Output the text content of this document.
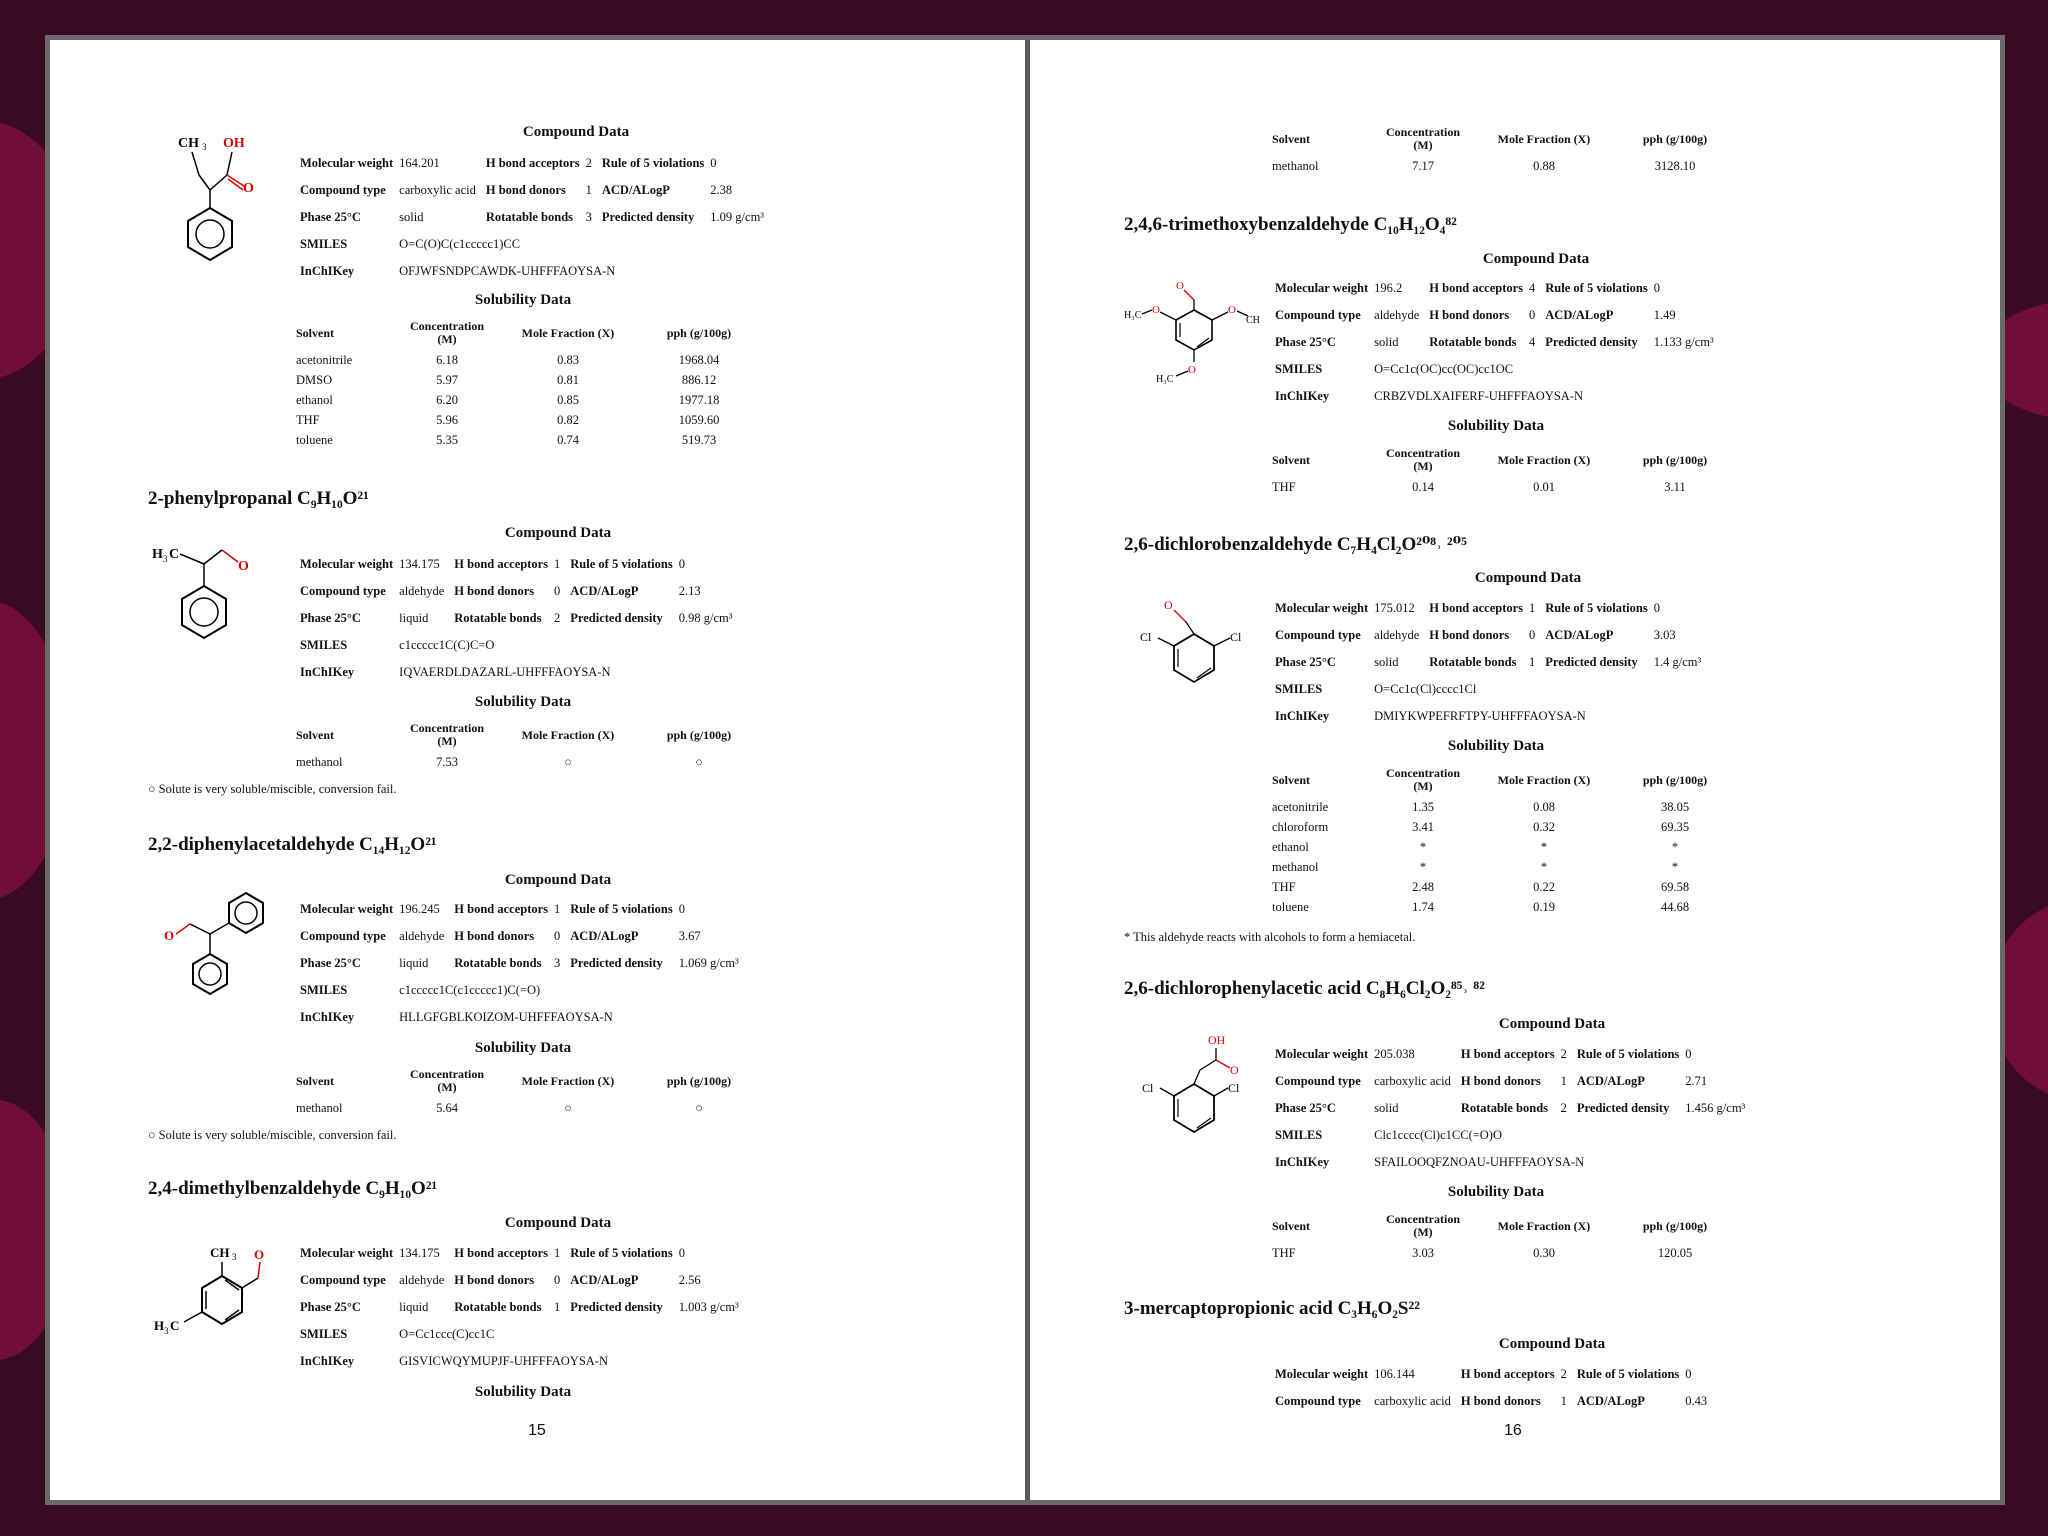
CH 3 OH
O
Compound Data
Molecular weight	164.201	H bond acceptors	2	Rule of 5 violations	0
Compound type	carboxylic acid	H bond donors	1	ACD/ALogP	2.38
Phase 25°C	solid	Rotatable bonds	3	Predicted density	1.09 g/cm³
SMILES	O=C(O)C(c1ccccc1)CC				
InChIKey	OFJWFSNDPCAWDK-UHFFFAOYSA-N				
Solubility Data
Solvent	Concentration (M)	Mole Fraction (X)	pph (g/100g)
acetonitrile	6.18	0.83	1968.04
DMSO	5.97	0.81	886.12
ethanol	6.20	0.85	1977.18
THF	5.96	0.82	1059.60
toluene	5.35	0.74	519.73
2-phenylpropanal C₉H₁₀O²¹
H 3 C
O
Compound Data
Molecular weight	134.175	H bond acceptors	1	Rule of 5 violations	0
Compound type	aldehyde	H bond donors	0	ACD/ALogP	2.13
Phase 25°C	liquid	Rotatable bonds	2	Predicted density	0.98 g/cm³
SMILES	c1ccccc1C(C)C=O				
InChIKey	IQVAERDLDAZARL-UHFFFAOYSA-N				
Solubility Data
Solvent	Concentration (M)	Mole Fraction (X)	pph (g/100g)
methanol	7.53	○	○
○ Solute is very soluble/miscible, conversion fail.
2,2-diphenylacetaldehyde C₁₄H₁₂O²¹
O
Compound Data
Molecular weight	196.245	H bond acceptors	1	Rule of 5 violations	0
Compound type	aldehyde	H bond donors	0	ACD/ALogP	3.67
Phase 25°C	liquid	Rotatable bonds	3	Predicted density	1.069 g/cm³
SMILES	c1ccccc1C(c1ccccc1)C(=O)				
InChIKey	HLLGFGBLKOIZOM-UHFFFAOYSA-N				
Solubility Data
Solvent	Concentration (M)	Mole Fraction (X)	pph (g/100g)
methanol	5.64	○	○
○ Solute is very soluble/miscible, conversion fail.
2,4-dimethylbenzaldehyde C₉H₁₀O²¹
CH 3 O
H 3 C
Compound Data
Molecular weight	134.175	H bond acceptors	1	Rule of 5 violations	0
Compound type	aldehyde	H bond donors	0	ACD/ALogP	2.56
Phase 25°C	liquid	Rotatable bonds	1	Predicted density	1.003 g/cm³
SMILES	O=Cc1ccc(C)cc1C				
InChIKey	GISVICWQYMUPJF-UHFFFAOYSA-N				
Solubility Data
15
Solvent	Concentration (M)	Mole Fraction (X)	pph (g/100g)
methanol	7.17	0.88	3128.10
2,4,6-trimethoxybenzaldehyde C₁₀H₁₂O₄⁸²
O
O
CH
O
H₃C
O
H₃C
Compound Data
Molecular weight	196.2	H bond acceptors	4	Rule of 5 violations	0
Compound type	aldehyde	H bond donors	0	ACD/ALogP	1.49
Phase 25°C	solid	Rotatable bonds	4	Predicted density	1.133 g/cm³
SMILES	O=Cc1c(OC)cc(OC)cc1OC				
InChIKey	CRBZVDLXAIFERF-UHFFFAOYSA-N				
Solubility Data
Solvent	Concentration (M)	Mole Fraction (X)	pph (g/100g)
THF	0.14	0.01	3.11
2,6-dichlorobenzaldehyde C₇H₄Cl₂O²⁰⁸˒ ²⁰⁵
O
Cl
Cl
Compound Data
Molecular weight	175.012	H bond acceptors	1	Rule of 5 violations	0
Compound type	aldehyde	H bond donors	0	ACD/ALogP	3.03
Phase 25°C	solid	Rotatable bonds	1	Predicted density	1.4 g/cm³
SMILES	O=Cc1c(Cl)cccc1Cl				
InChIKey	DMIYKWPEFRFTPY-UHFFFAOYSA-N				
Solubility Data
Solvent	Concentration (M)	Mole Fraction (X)	pph (g/100g)
acetonitrile	1.35	0.08	38.05
chloroform	3.41	0.32	69.35
ethanol	*	*	*
methanol	*	*	*
THF	2.48	0.22	69.58
toluene	1.74	0.19	44.68
* This aldehyde reacts with alcohols to form a hemiacetal.
2,6-dichlorophenylacetic acid C₈H₆Cl₂O₂⁸⁵˒ ⁸²
OH
O
Cl
Cl
Compound Data
Molecular weight	205.038	H bond acceptors	2	Rule of 5 violations	0
Compound type	carboxylic acid	H bond donors	1	ACD/ALogP	2.71
Phase 25°C	solid	Rotatable bonds	2	Predicted density	1.456 g/cm³
SMILES	Clc1cccc(Cl)c1CC(=O)O				
InChIKey	SFAILOOQFZNOAU-UHFFFAOYSA-N				
Solubility Data
Solvent	Concentration (M)	Mole Fraction (X)	pph (g/100g)
THF	3.03	0.30	120.05
3-mercaptopropionic acid C₃H₆O₂S²²
Compound Data
Molecular weight	106.144	H bond acceptors	2	Rule of 5 violations	0
Compound type	carboxylic acid	H bond donors	1	ACD/ALogP	0.43
16
